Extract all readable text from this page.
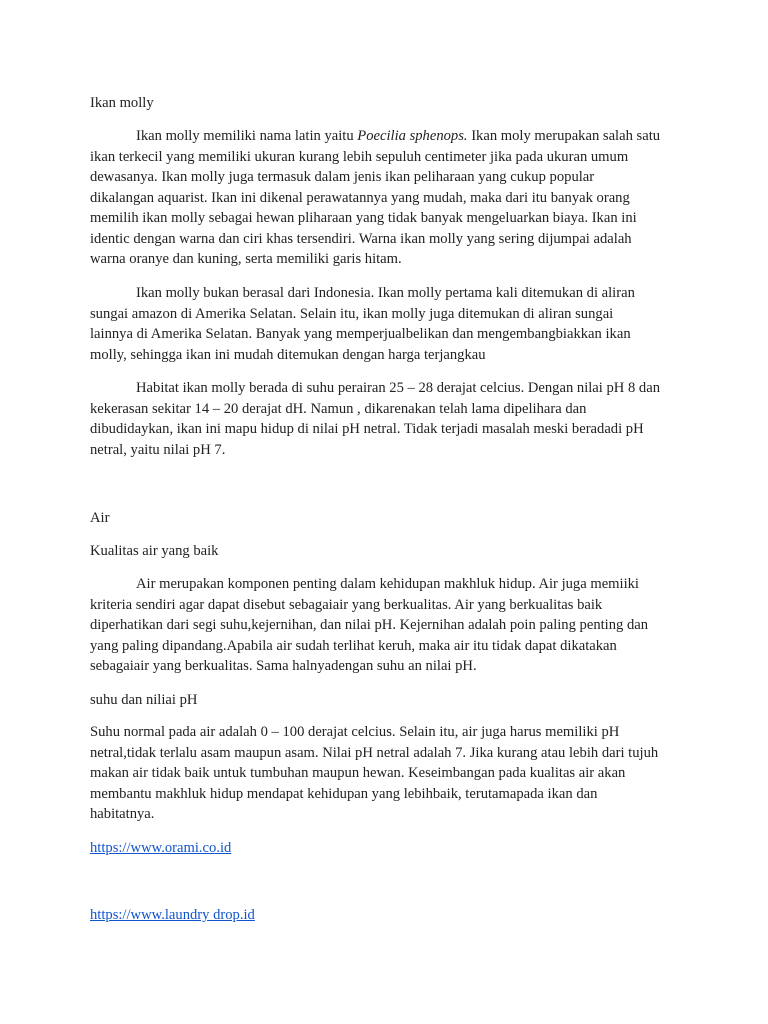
Ikan molly

Ikan molly memiliki nama latin yaitu Poecilia sphenops. Ikan moly merupakan salah satu
ikan terkecil yang memiliki ukuran kurang lebih sepuluh centimeter jika pada ukuran umum
dewasanya. Ikan molly juga termasuk dalam jenis ikan peliharaan yang cukup popular
dikalangan aquarist. Ikan ini dikenal perawatannya yang mudah, maka dari itu banyak orang
memilih ikan molly sebagai hewan pliharaan yang tidak banyak mengeluarkan biaya. Ikan ini
identic dengan warna dan ciri khas tersendiri. Warna ikan molly yang sering dijumpai adalah
warna oranye dan kuning, serta memiliki garis hitam.

Ikan molly bukan berasal dari Indonesia. Ikan molly pertama kali ditemukan di aliran
sungai amazon di Amerika Selatan. Selain itu, ikan molly juga ditemukan di aliran sungai
lainnya di Amerika Selatan. Banyak yang memperjualbelikan dan mengembangbiakkan ikan
molly, sehingga ikan ini mudah ditemukan dengan harga terjangkau

Habitat ikan molly berada di suhu perairan 25 – 28 derajat celcius. Dengan nilai pH 8 dan
kekerasan sekitar 14 – 20 derajat dH. Namun , dikarenakan telah lama dipelihara dan
dibudidaykan, ikan ini mapu hidup di nilai pH netral. Tidak terjadi masalah meski beradadi pH
netral, yaitu nilai pH 7.

Air

Kualitas air yang baik

Air merupakan komponen penting dalam kehidupan makhluk hidup. Air juga memiiki
kriteria sendiri agar dapat disebut sebagaiair yang berkualitas. Air yang berkualitas baik
diperhatikan dari segi suhu,kejernihan, dan nilai pH. Kejernihan adalah poin paling penting dan
yang paling dipandang.Apabila air sudah terlihat keruh, maka air itu tidak dapat dikatakan
sebagaiair yang berkualitas. Sama halnyadengan suhu an nilai pH.

suhu dan niliai pH

Suhu normal pada air adalah 0 – 100 derajat celcius. Selain itu, air juga harus memiliki pH
netral,tidak terlalu asam maupun asam. Nilai pH netral adalah 7. Jika kurang atau lebih dari tujuh
makan air tidak baik untuk tumbuhan maupun hewan. Keseimbangan pada kualitas air akan
membantu makhluk hidup mendapat kehidupan yang lebihbaik, terutamapada ikan dan
habitatnya.

https://www.orami.co.id

https://www.laundry drop.id
